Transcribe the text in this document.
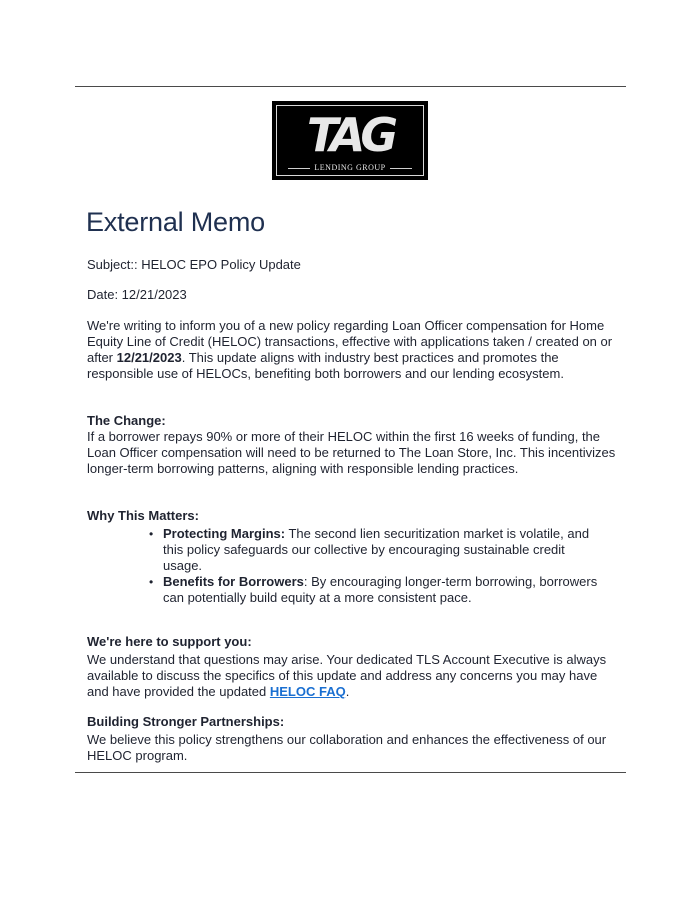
TAG
LENDING GROUP
External Memo

Subject:: HELOC EPO Policy Update

Date: 12/21/2023

We're writing to inform you of a new policy regarding Loan Officer compensation for Home Equity Line of Credit (HELOC) transactions, effective with applications taken / created on or after 12/21/2023. This update aligns with industry best practices and promotes the responsible use of HELOCs, benefiting both borrowers and our lending ecosystem.

The Change:

If a borrower repays 90% or more of their HELOC within the first 16 weeks of funding, the Loan Officer compensation will need to be returned to The Loan Store, Inc. This incentivizes longer-term borrowing patterns, aligning with responsible lending practices.

Why This Matters:

• Protecting Margins: The second lien securitization market is volatile, and this policy safeguards our collective by encouraging sustainable credit usage.
• Benefits for Borrowers: By encouraging longer-term borrowing, borrowers can potentially build equity at a more consistent pace.

We're here to support you:

We understand that questions may arise. Your dedicated TLS Account Executive is always available to discuss the specifics of this update and address any concerns you may have and have provided the updated HELOC FAQ.

Building Stronger Partnerships:

We believe this policy strengthens our collaboration and enhances the effectiveness of our HELOC program.
